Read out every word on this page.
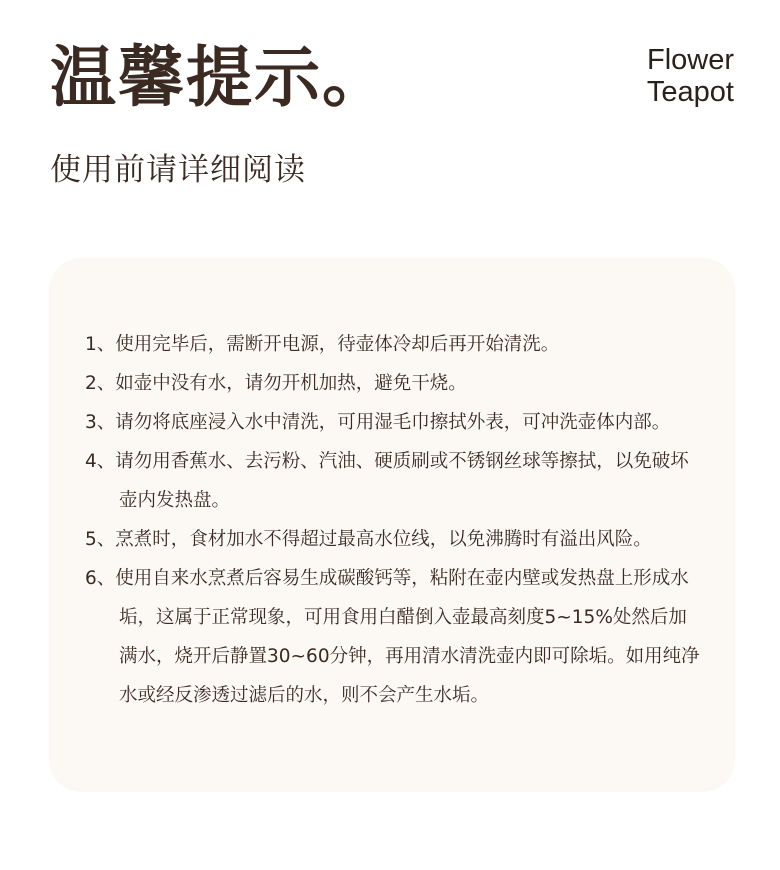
温馨提示。	Flower
Teapot
使用前请详细阅读
1、使用完毕后，需断开电源，待壶体冷却后再开始清洗。
2、如壶中没有水，请勿开机加热，避免干烧。
3、请勿将底座浸入水中清洗，可用湿毛巾擦拭外表，可冲洗壶体内部。
4、请勿用香蕉水、去污粉、汽油、硬质刷或不锈钢丝球等擦拭，以免破坏壶内发热盘。
5、烹煮时，食材加水不得超过最高水位线，以免沸腾时有溢出风险。
6、使用自来水烹煮后容易生成碳酸钙等，粘附在壶内壁或发热盘上形成水垢，这属于正常现象，可用食用白醋倒入壶最高刻度5~15%处然后加满水，烧开后静置30~60分钟，再用清水清洗壶内即可除垢。如用纯净水或经反渗透过滤后的水，则不会产生水垢。
